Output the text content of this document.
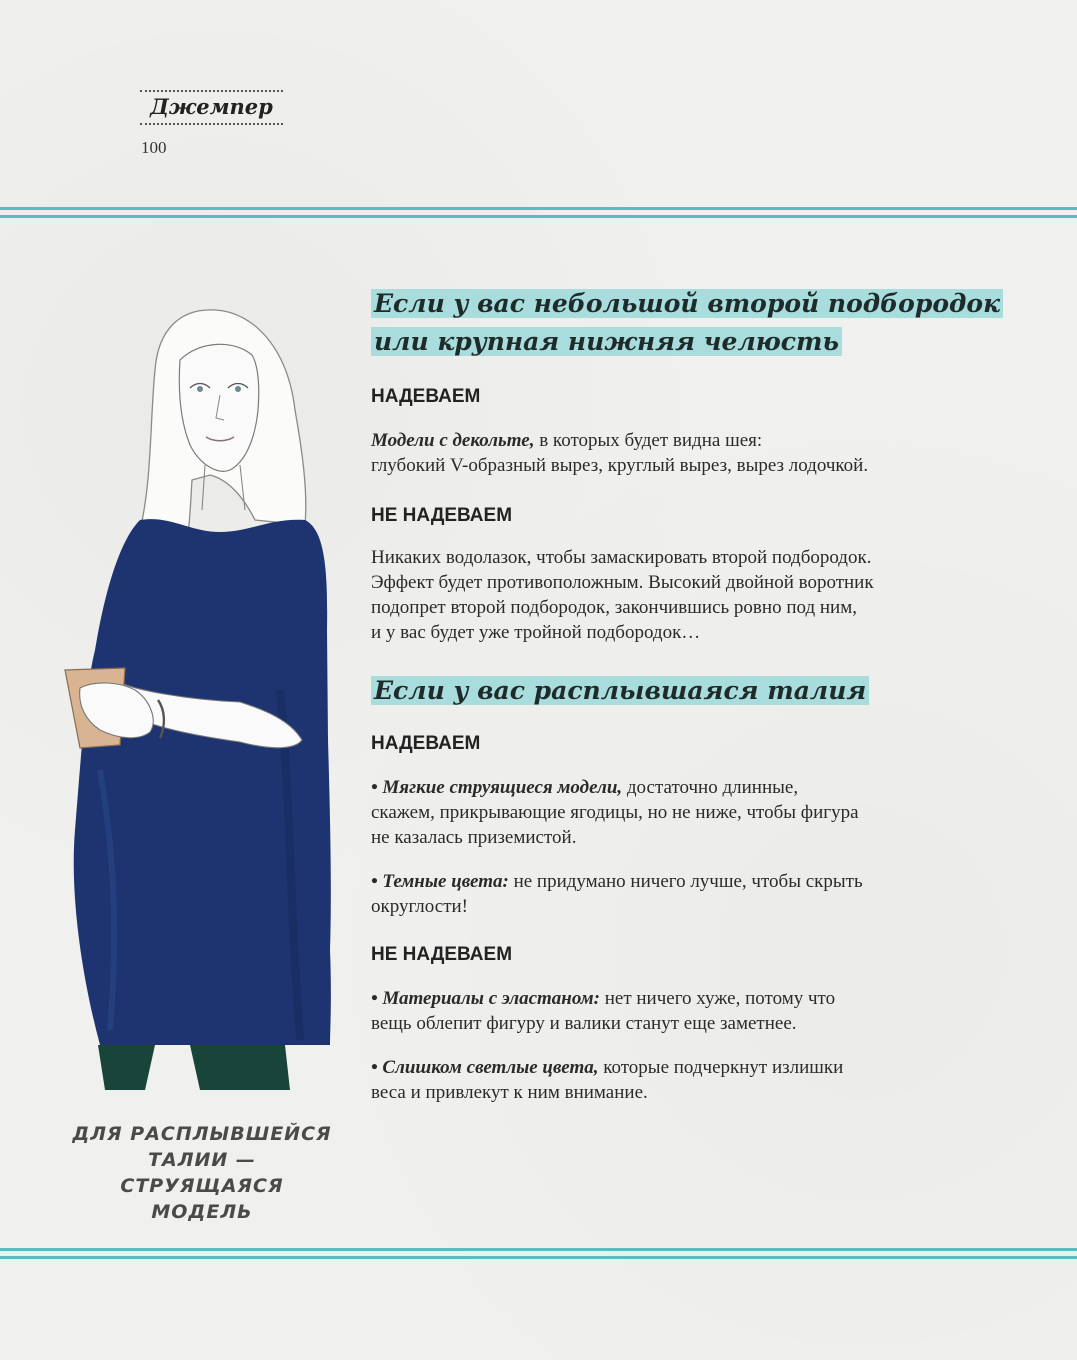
Джемпер
100
Если у вас небольшой второй подбородок
или крупная нижняя челюсть
НАДЕВАЕМ
Модели с декольте, в которых будет видна шея:
глубокий V-образный вырез, круглый вырез, вырез лодочкой.
НЕ НАДЕВАЕМ
Никаких водолазок, чтобы замаскировать второй подбородок.
Эффект будет противоположным. Высокий двойной воротник
подопрет второй подбородок, закончившись ровно под ним,
и у вас будет уже тройной подбородок…
Если у вас расплывшаяся талия
НАДЕВАЕМ
• Мягкие струящиеся модели, достаточно длинные,
скажем, прикрывающие ягодицы, но не ниже, чтобы фигура
не казалась приземистой.
• Темные цвета: не придумано ничего лучше, чтобы скрыть
округлости!
НЕ НАДЕВАЕМ
• Материалы с эластаном: нет ничего хуже, потому что
вещь облепит фигуру и валики станут еще заметнее.
• Слишком светлые цвета, которые подчеркнут излишки
веса и привлекут к ним внимание.
ДЛЯ РАСПЛЫВШЕЙСЯ
ТАЛИИ —
СТРУЯЩАЯСЯ МОДЕЛЬ
